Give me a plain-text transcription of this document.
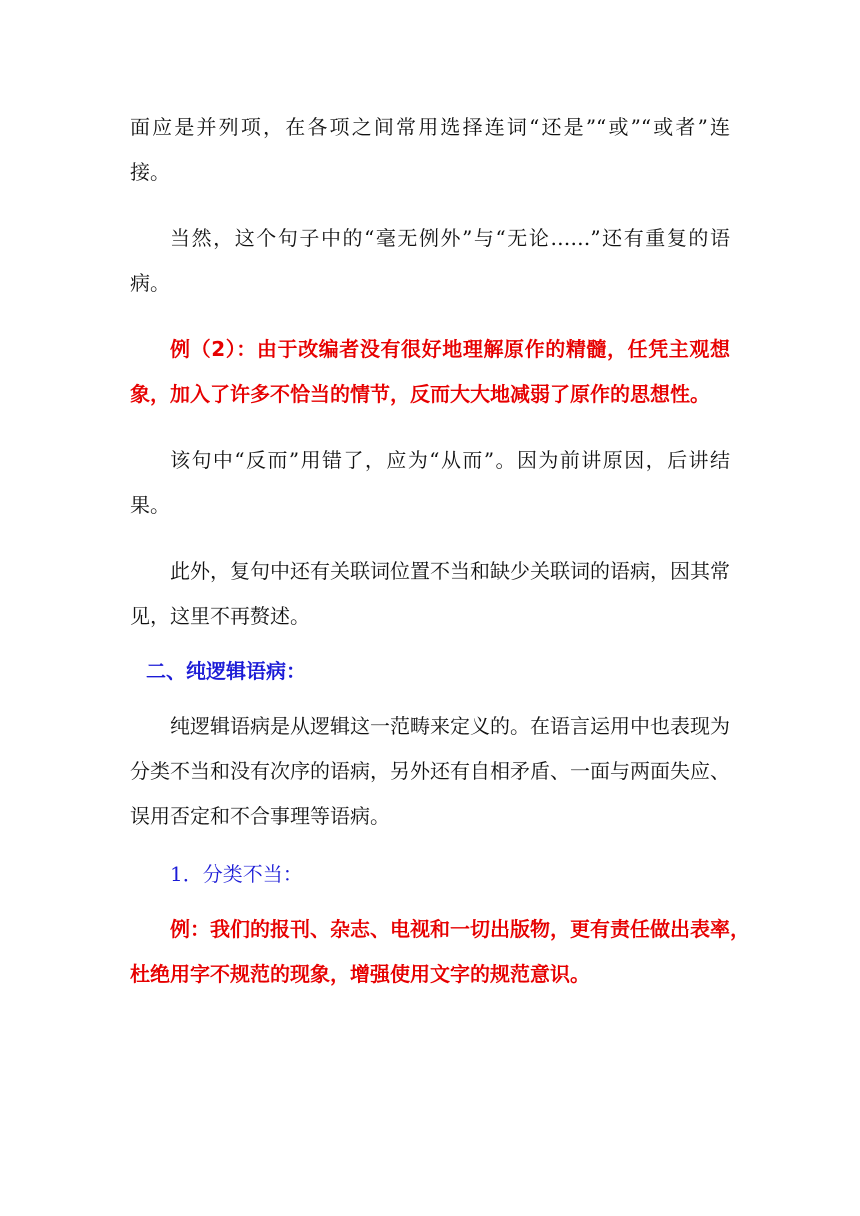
面应是并列项，在各项之间常用选择连词“还是”“或”“或者”连
接。
当然，这个句子中的“毫无例外”与“无论……”还有重复的语
病。
例（2）：由于改编者没有很好地理解原作的精髓，任凭主观想
象，加入了许多不恰当的情节，反而大大地减弱了原作的思想性。
该句中“反而”用错了，应为“从而”。因为前讲原因，后讲结
果。
此外，复句中还有关联词位置不当和缺少关联词的语病，因其常
见，这里不再赘述。
二、纯逻辑语病：
纯逻辑语病是从逻辑这一范畴来定义的。在语言运用中也表现为
分类不当和没有次序的语病，另外还有自相矛盾、一面与两面失应、
误用否定和不合事理等语病。
1．分类不当：
例：我们的报刊、杂志、电视和一切出版物，更有责任做出表率，
杜绝用字不规范的现象，增强使用文字的规范意识。
